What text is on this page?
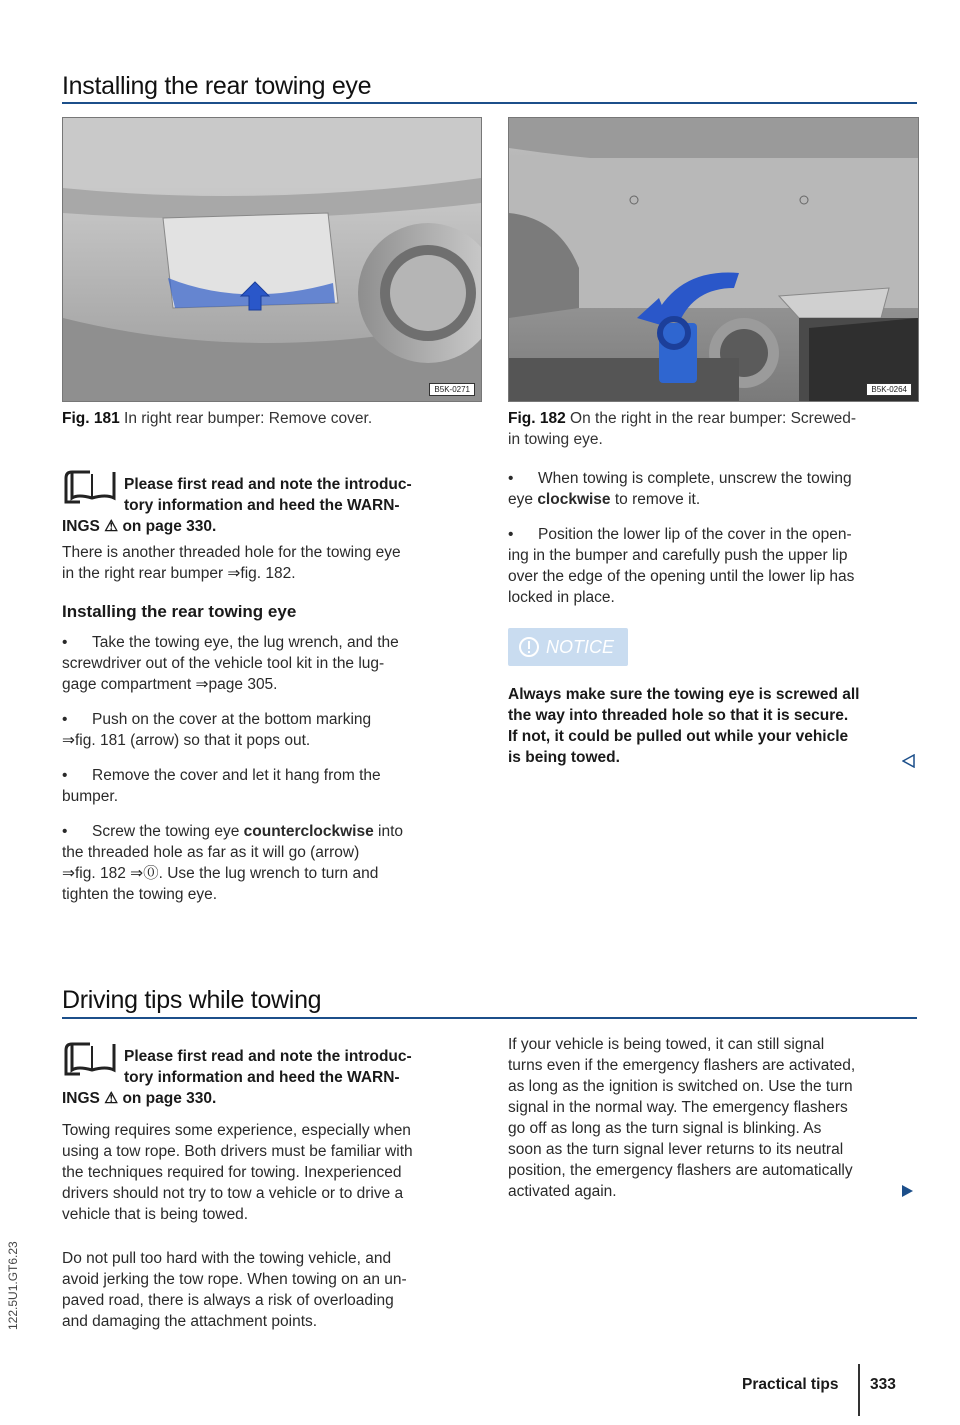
122.5U1.GT6.23
Installing the rear towing eye
B5K-0271
Fig. 181 In right rear bumper: Remove cover.
B5K-0264
Fig. 182 On the right in the rear bumper: Screwed-
in towing eye.
Please first read and note the introduc-
tory information and heed the WARN-
INGS ⚠ on page 330.

There is another threaded hole for the towing eye

in the right rear bumper ⇒fig. 182.

Installing the rear towing eye
•	Take the towing eye, the lug wrench, and the
screwdriver out of the vehicle tool kit in the lug-
gage compartment ⇒page 305.
•	Push on the cover at the bottom marking
⇒fig. 181 (arrow) so that it pops out.
•	Remove the cover and let it hang from the
bumper.
•	Screw the towing eye counterclockwise into
the threaded hole as far as it will go (arrow)
⇒fig. 182 ⇒⓪. Use the lug wrench to turn and
tighten the towing eye.
•	When towing is complete, unscrew the towing
eye clockwise to remove it.
•	Position the lower lip of the cover in the open-
ing in the bumper and carefully push the upper lip
over the edge of the opening until the lower lip has
locked in place.
NOTICE
Always make sure the towing eye is screwed all
the way into threaded hole so that it is secure.
If not, it could be pulled out while your vehicle
is being towed.
Driving tips while towing
Please first read and note the introduc-
tory information and heed the WARN-
INGS ⚠ on page 330.

Towing requires some experience, especially when

using a tow rope. Both drivers must be familiar with

the techniques required for towing. Inexperienced

drivers should not try to tow a vehicle or to drive a

vehicle that is being towed.

Do not pull too hard with the towing vehicle, and

avoid jerking the tow rope. When towing on an un-

paved road, there is always a risk of overloading

and damaging the attachment points.

If your vehicle is being towed, it can still signal

turns even if the emergency flashers are activated,

as long as the ignition is switched on. Use the turn

signal in the normal way. The emergency flashers

go off as long as the turn signal is blinking. As

soon as the turn signal lever returns to its neutral

position, the emergency flashers are automatically

activated again.

Practical tips 333
